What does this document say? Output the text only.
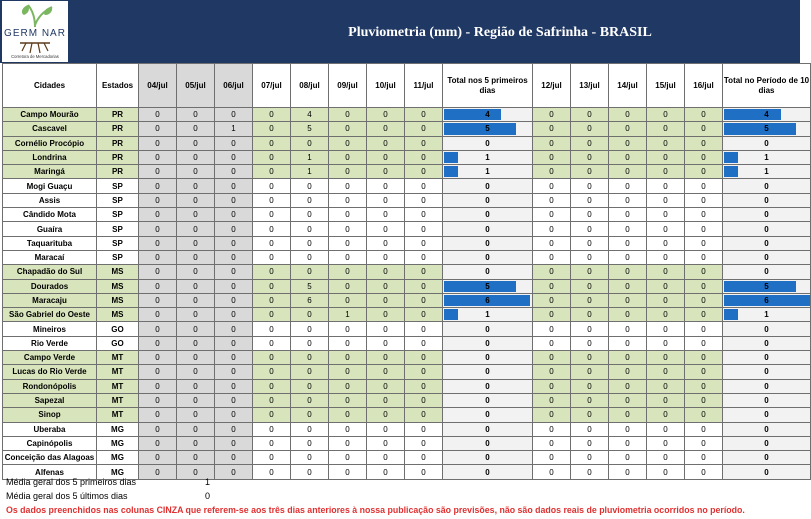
GERM NAR
Corretora de Mercadorias
Pluviometria (mm) - Região de Safrinha - BRASIL
Cidades	Estados	04/jul	05/jul	06/jul	07/jul	08/jul	09/jul	10/jul	11/jul	Total nos 5 primeiros dias	12/jul	13/jul	14/jul	15/jul	16/jul	Total no Período de 10 dias
Campo Mourão	PR	0	0	0	0	4	0	0	0	4	0	0	0	0	0	4
Cascavel	PR	0	0	1	0	5	0	0	0	5	0	0	0	0	0	5
Cornélio Procópio	PR	0	0	0	0	0	0	0	0	0	0	0	0	0	0	0
Londrina	PR	0	0	0	0	1	0	0	0	1	0	0	0	0	0	1
Maringá	PR	0	0	0	0	1	0	0	0	1	0	0	0	0	0	1
Mogi Guaçu	SP	0	0	0	0	0	0	0	0	0	0	0	0	0	0	0
Assis	SP	0	0	0	0	0	0	0	0	0	0	0	0	0	0	0
Cândido Mota	SP	0	0	0	0	0	0	0	0	0	0	0	0	0	0	0
Guaíra	SP	0	0	0	0	0	0	0	0	0	0	0	0	0	0	0
Taquarituba	SP	0	0	0	0	0	0	0	0	0	0	0	0	0	0	0
Maracaí	SP	0	0	0	0	0	0	0	0	0	0	0	0	0	0	0
Chapadão do Sul	MS	0	0	0	0	0	0	0	0	0	0	0	0	0	0	0
Dourados	MS	0	0	0	0	5	0	0	0	5	0	0	0	0	0	5
Maracaju	MS	0	0	0	0	6	0	0	0	6	0	0	0	0	0	6
São Gabriel do Oeste	MS	0	0	0	0	0	1	0	0	1	0	0	0	0	0	1
Mineiros	GO	0	0	0	0	0	0	0	0	0	0	0	0	0	0	0
Rio Verde	GO	0	0	0	0	0	0	0	0	0	0	0	0	0	0	0
Campo Verde	MT	0	0	0	0	0	0	0	0	0	0	0	0	0	0	0
Lucas do Rio Verde	MT	0	0	0	0	0	0	0	0	0	0	0	0	0	0	0
Rondonópolis	MT	0	0	0	0	0	0	0	0	0	0	0	0	0	0	0
Sapezal	MT	0	0	0	0	0	0	0	0	0	0	0	0	0	0	0
Sinop	MT	0	0	0	0	0	0	0	0	0	0	0	0	0	0	0
Uberaba	MG	0	0	0	0	0	0	0	0	0	0	0	0	0	0	0
Capinópolis	MG	0	0	0	0	0	0	0	0	0	0	0	0	0	0	0
Conceição das Alagoas	MG	0	0	0	0	0	0	0	0	0	0	0	0	0	0	0
Alfenas	MG	0	0	0	0	0	0	0	0	0	0	0	0	0	0	0
Média geral dos 5 primeiros dias	1
Média geral dos 5 últimos dias	0
Os dados preenchidos nas colunas CINZA que referem-se aos três dias anteriores à nossa publicação são previsões, não são dados reais de pluviometria ocorridos no período.
